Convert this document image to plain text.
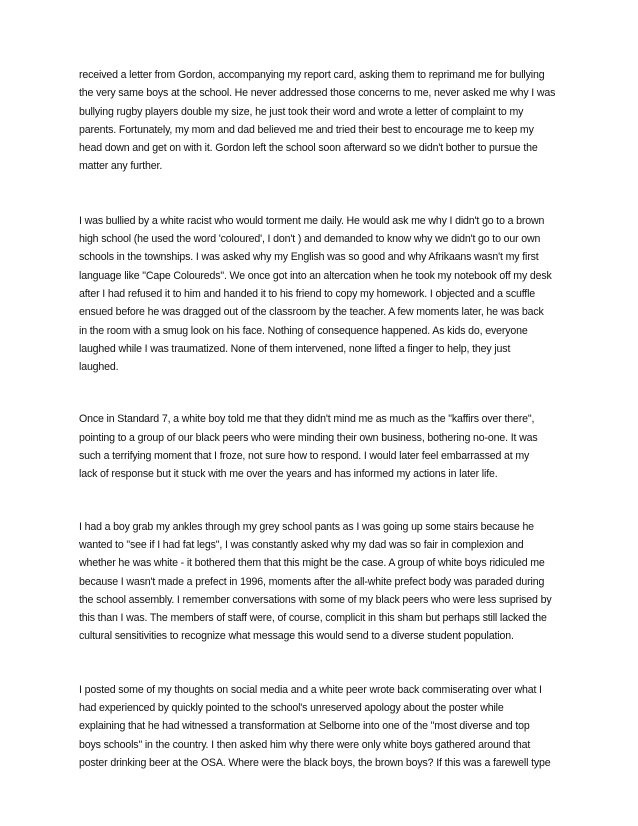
received a letter from Gordon, accompanying my report card, asking them to reprimand me for bullying
the very same boys at the school. He never addressed those concerns to me, never asked me why I was
bullying rugby players double my size, he just took their word and wrote a letter of complaint to my
parents. Fortunately, my mom and dad believed me and tried their best to encourage me to keep my
head down and get on with it. Gordon left the school soon afterward so we didn't bother to pursue the
matter any further.
I was bullied by a white racist who would torment me daily. He would ask me why I didn't go to a brown
high school (he used the word 'coloured', I don't ) and demanded to know why we didn't go to our own
schools in the townships. I was asked why my English was so good and why Afrikaans wasn't my first
language like "Cape Coloureds". We once got into an altercation when he took my notebook off my desk
after I had refused it to him and handed it to his friend to copy my homework. I objected and a scuffle
ensued before he was dragged out of the classroom by the teacher. A few moments later, he was back
in the room with a smug look on his face. Nothing of consequence happened. As kids do, everyone
laughed while I was traumatized. None of them intervened, none lifted a finger to help, they just
laughed.
Once in Standard 7, a white boy told me that they didn't mind me as much as the "kaffirs over there",
pointing to a group of our black peers who were minding their own business, bothering no-one. It was
such a terrifying moment that I froze, not sure how to respond. I would later feel embarrassed at my
lack of response but it stuck with me over the years and has informed my actions in later life.
I had a boy grab my ankles through my grey school pants as I was going up some stairs because he
wanted to "see if I had fat legs", I was constantly asked why my dad was so fair in complexion and
whether he was white - it bothered them that this might be the case. A group of white boys ridiculed me
because I wasn't made a prefect in 1996, moments after the all-white prefect body was paraded during
the school assembly. I remember conversations with some of my black peers who were less suprised by
this than I was. The members of staff were, of course, complicit in this sham but perhaps still lacked the
cultural sensitivities to recognize what message this would send to a diverse student population.
I posted some of my thoughts on social media and a white peer wrote back commiserating over what I
had experienced by quickly pointed to the school's unreserved apology about the poster while
explaining that he had witnessed a transformation at Selborne into one of the "most diverse and top
boys schools" in the country. I then asked him why there were only white boys gathered around that
poster drinking beer at the OSA. Where were the black boys, the brown boys? If this was a farewell type
